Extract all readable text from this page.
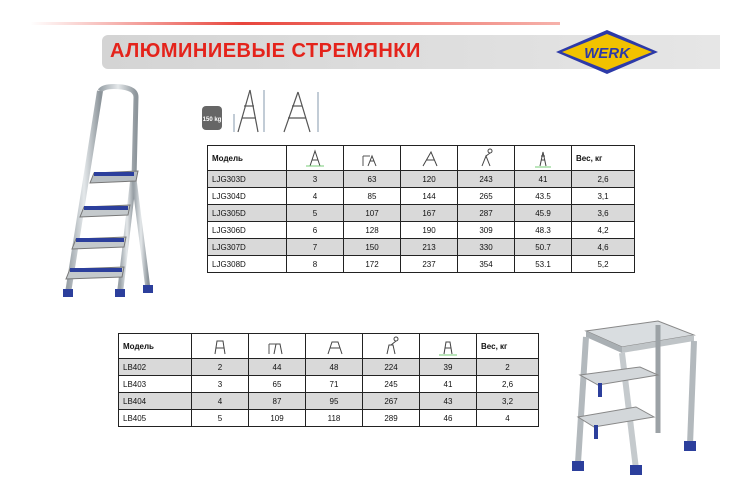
АЛЮМИНИЕВЫЕ СТРЕМЯНКИ	WERK
150 kg
Модель						Вес, кг
LJG303D	3	63	120	243	41	2,6
LJG304D	4	85	144	265	43.5	3,1
LJG305D	5	107	167	287	45.9	3,6
LJG306D	6	128	190	309	48.3	4,2
LJG307D	7	150	213	330	50.7	4,6
LJG308D	8	172	237	354	53.1	5,2
Модель						Вес, кг
LB402	2	44	48	224	39	2
LB403	3	65	71	245	41	2,6
LB404	4	87	95	267	43	3,2
LB405	5	109	118	289	46	4
